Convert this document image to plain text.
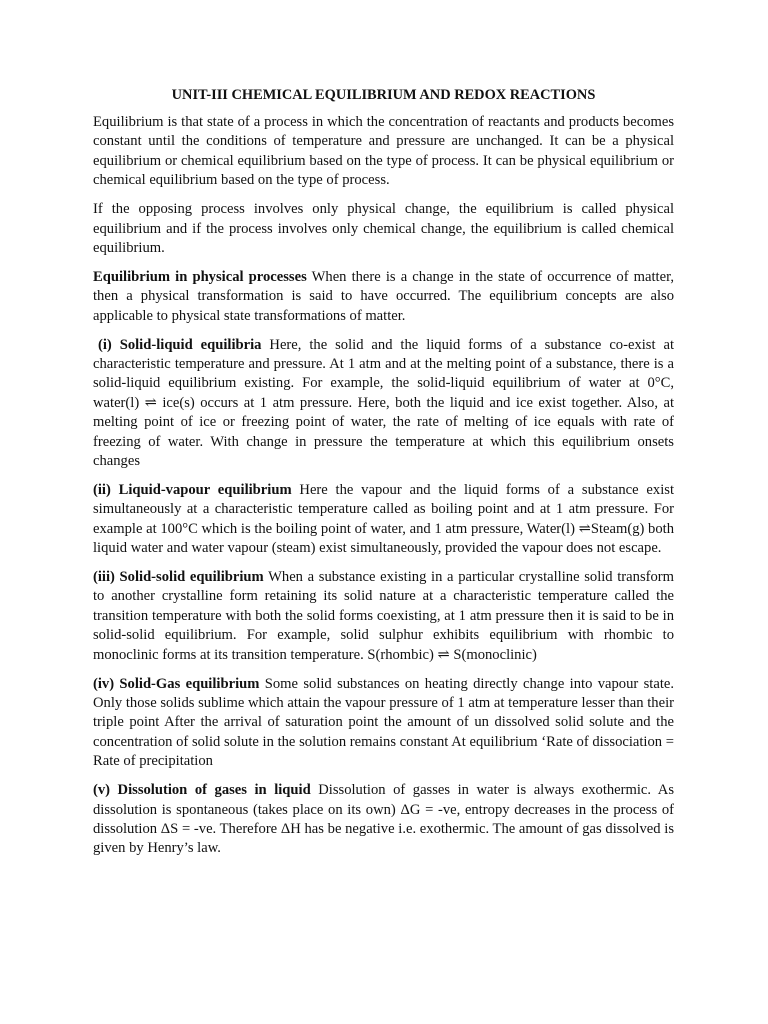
UNIT-III CHEMICAL EQUILIBRIUM AND REDOX REACTIONS

Equilibrium is that state of a process in which the concentration of reactants and products becomes constant until the conditions of temperature and pressure are unchanged. It can be a physical equilibrium or chemical equilibrium based on the type of process. It can be physical equilibrium or chemical equilibrium based on the type of process.

If the opposing process involves only physical change, the equilibrium is called physical equilibrium and if the process involves only chemical change, the equilibrium is called chemical equilibrium.

Equilibrium in physical processes When there is a change in the state of occurrence of matter, then a physical transformation is said to have occurred. The equilibrium concepts are also applicable to physical state transformations of matter.

(i) Solid-liquid equilibria Here, the solid and the liquid forms of a substance co-exist at characteristic temperature and pressure. At 1 atm and at the melting point of a substance, there is a solid-liquid equilibrium existing. For example, the solid-liquid equilibrium of water at 0°C, water(l) ⇌ ice(s) occurs at 1 atm pressure. Here, both the liquid and ice exist together. Also, at melting point of ice or freezing point of water, the rate of melting of ice equals with rate of freezing of water. With change in pressure the temperature at which this equilibrium onsets changes

(ii) Liquid-vapour equilibrium Here the vapour and the liquid forms of a substance exist simultaneously at a characteristic temperature called as boiling point and at 1 atm pressure. For example at 100°C which is the boiling point of water, and 1 atm pressure, Water(l) ⇌Steam(g) both liquid water and water vapour (steam) exist simultaneously, provided the vapour does not escape.

(iii) Solid-solid equilibrium When a substance existing in a particular crystalline solid transform to another crystalline form retaining its solid nature at a characteristic temperature called the transition temperature with both the solid forms coexisting, at 1 atm pressure then it is said to be in solid-solid equilibrium. For example, solid sulphur exhibits equilibrium with rhombic to monoclinic forms at its transition temperature. S(rhombic) ⇌ S(monoclinic)

(iv) Solid-Gas equilibrium Some solid substances on heating directly change into vapour state. Only those solids sublime which attain the vapour pressure of 1 atm at temperature lesser than their triple point After the arrival of saturation point the amount of un dissolved solid solute and the concentration of solid solute in the solution remains constant At equilibrium ‘Rate of dissociation = Rate of precipitation

(v) Dissolution of gases in liquid Dissolution of gasses in water is always exothermic. As dissolution is spontaneous (takes place on its own) ΔG = -ve, entropy decreases in the process of dissolution ΔS = -ve. Therefore ΔH has be negative i.e. exothermic. The amount of gas dissolved is given by Henry’s law.
